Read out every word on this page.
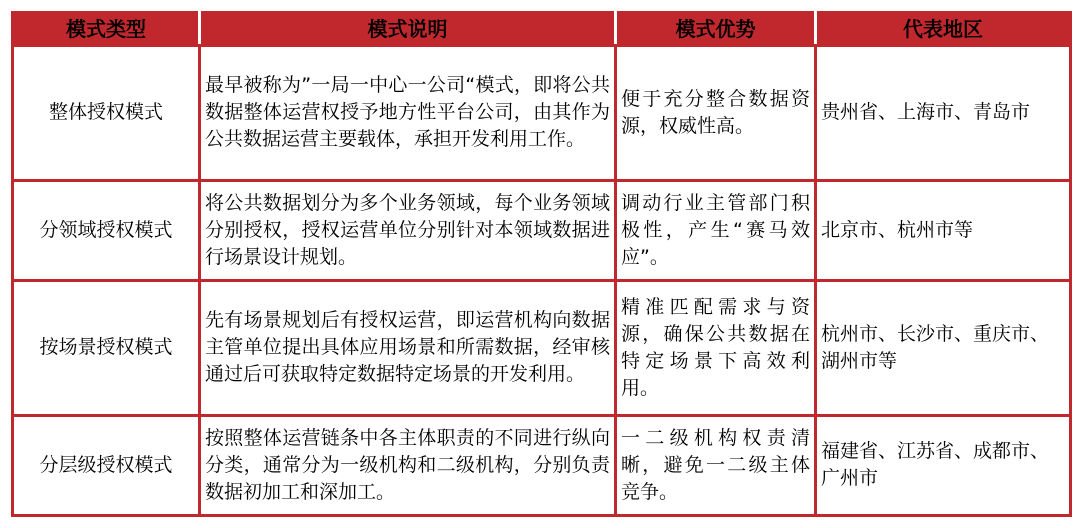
模式类型	模式说明	模式优势	代表地区
整体授权模式	最早被称为”一局一中心一公司“模式，即将公共数据整体运营权授予地方性平台公司，由其作为公共数据运营主要载体，承担开发利用工作。	便于充分整合数据资源，权威性高。	贵州省、上海市、青岛市
分领域授权模式	将公共数据划分为多个业务领域，每个业务领域分别授权，授权运营单位分别针对本领域数据进行场景设计规划。	调动行业主管部门积极性，产生“赛马效应”。	北京市、杭州市等
按场景授权模式	先有场景规划后有授权运营，即运营机构向数据主管单位提出具体应用场景和所需数据，经审核通过后可获取特定数据特定场景的开发利用。	精准匹配需求与资源，确保公共数据在特定场景下高效利用。	杭州市、长沙市、重庆市、湖州市等
分层级授权模式	按照整体运营链条中各主体职责的不同进行纵向分类，通常分为一级机构和二级机构，分别负责数据初加工和深加工。	一二级机构权责清晰，避免一二级主体竞争。	福建省、江苏省、成都市、广州市
